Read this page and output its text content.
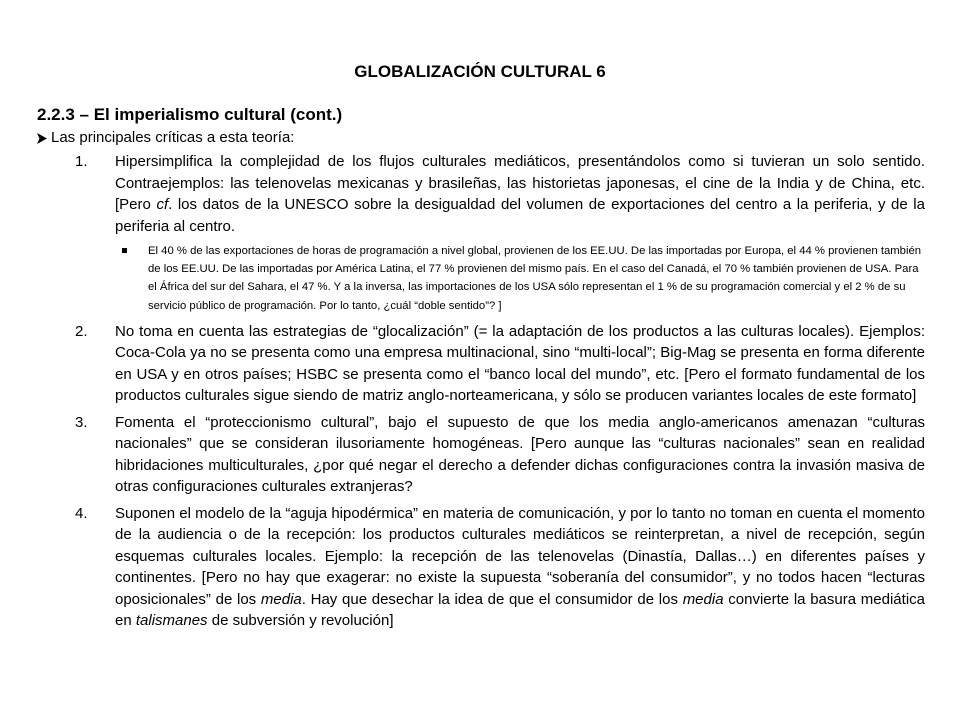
GLOBALIZACIÓN CULTURAL 6
2.2.3 – El imperialismo cultural (cont.)
Las principales críticas a esta teoría:
1. Hipersimplifica la complejidad de los flujos culturales mediáticos, presentándolos como si tuvieran un solo sentido. Contraejemplos: las telenovelas mexicanas y brasileñas, las historietas japonesas, el cine de la India y de China, etc. [Pero cf. los datos de la UNESCO sobre la desigualdad del volumen de exportaciones del centro a la periferia, y de la periferia al centro.
El 40 % de las exportaciones de horas de programación a nivel global, provienen de los EE.UU. De las importadas por Europa, el 44 % provienen también de los EE.UU. De las importadas por América Latina, el 77 % provienen del mismo país. En el caso del Canadá, el 70 % también provienen de USA. Para el África del sur del Sahara, el 47 %. Y a la inversa, las importaciones de los USA sólo representan el 1 % de su programación comercial y el 2 % de su servicio público de programación. Por lo tanto, ¿cuál “doble sentido”? ]
2. No toma en cuenta las estrategias de “glocalización” (= la adaptación de los productos a las culturas locales). Ejemplos: Coca-Cola ya no se presenta como una empresa multinacional, sino “multi-local”; Big-Mag se presenta en forma diferente en USA y en otros países; HSBC se presenta como el “banco local del mundo”, etc. [Pero el formato fundamental de los productos culturales sigue siendo de matriz anglo-norteamericana, y sólo se producen variantes locales de este formato]
3. Fomenta el “proteccionismo cultural”, bajo el supuesto de que los media anglo-americanos amenazan “culturas nacionales” que se consideran ilusoriamente homogéneas. [Pero aunque las “culturas nacionales” sean en realidad hibridaciones multiculturales, ¿por qué negar el derecho a defender dichas configuraciones contra la invasión masiva de otras configuraciones culturales extranjeras?
4. Suponen el modelo de la “aguja hipodérmica” en materia de comunicación, y por lo tanto no toman en cuenta el momento de la audiencia o de la recepción: los productos culturales mediáticos se reinterpretan, a nivel de recepción, según esquemas culturales locales. Ejemplo: la recepción de las telenovelas (Dinastía, Dallas…) en diferentes países y continentes. [Pero no hay que exagerar: no existe la supuesta “soberanía del consumidor”, y no todos hacen “lecturas oposicionales” de los media. Hay que desechar la idea de que el consumidor de los media convierte la basura mediática en talismanes de subversión y revolución]
